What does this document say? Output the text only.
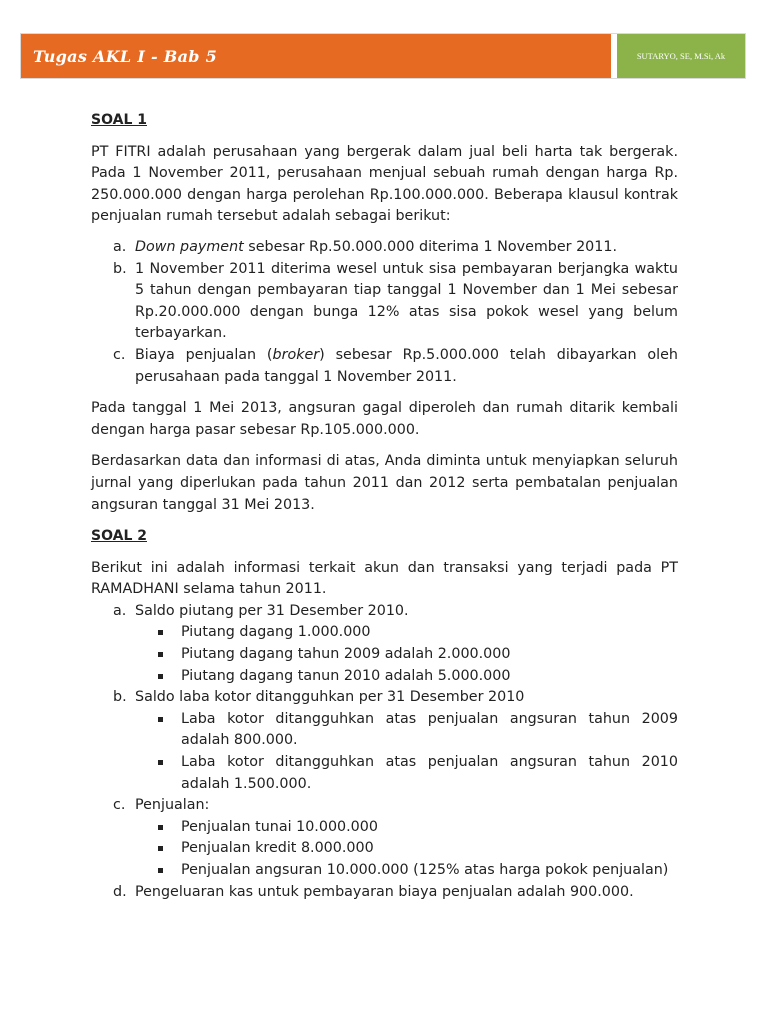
Tugas AKL I - Bab 5	SUTARYO, SE, M.Si, Ak

SOAL 1

PT FITRI adalah perusahaan yang bergerak dalam jual beli harta tak bergerak. Pada 1 November 2011, perusahaan menjual sebuah rumah dengan harga Rp. 250.000.000 dengan harga perolehan Rp.100.000.000. Beberapa klausul kontrak penjualan rumah tersebut adalah sebagai berikut:

a. Down payment sebesar Rp.50.000.000 diterima 1 November 2011.
b. 1 November 2011 diterima wesel untuk sisa pembayaran berjangka waktu 5 tahun dengan pembayaran tiap tanggal 1 November dan 1 Mei sebesar Rp.20.000.000 dengan bunga 12% atas sisa pokok wesel yang belum terbayarkan.
c. Biaya penjualan (broker) sebesar Rp.5.000.000 telah dibayarkan oleh perusahaan pada tanggal 1 November 2011.

Pada tanggal 1 Mei 2013, angsuran gagal diperoleh dan rumah ditarik kembali dengan harga pasar sebesar Rp.105.000.000.

Berdasarkan data dan informasi di atas, Anda diminta untuk menyiapkan seluruh jurnal yang diperlukan pada tahun 2011 dan 2012 serta pembatalan penjualan angsuran tanggal 31 Mei 2013.

SOAL 2

Berikut ini adalah informasi terkait akun dan transaksi yang terjadi pada PT RAMADHANI selama tahun 2011.

a. Saldo piutang per 31 Desember 2010.
Piutang dagang 1.000.000
Piutang dagang tahun 2009 adalah 2.000.000
Piutang dagang tanun 2010 adalah 5.000.000
b. Saldo laba kotor ditangguhkan per 31 Desember 2010
Laba kotor ditangguhkan atas penjualan angsuran tahun 2009 adalah 800.000.
Laba kotor ditangguhkan atas penjualan angsuran tahun 2010 adalah 1.500.000.
c. Penjualan:
Penjualan tunai 10.000.000
Penjualan kredit 8.000.000
Penjualan angsuran 10.000.000 (125% atas harga pokok penjualan)
d. Pengeluaran kas untuk pembayaran biaya penjualan adalah 900.000.
